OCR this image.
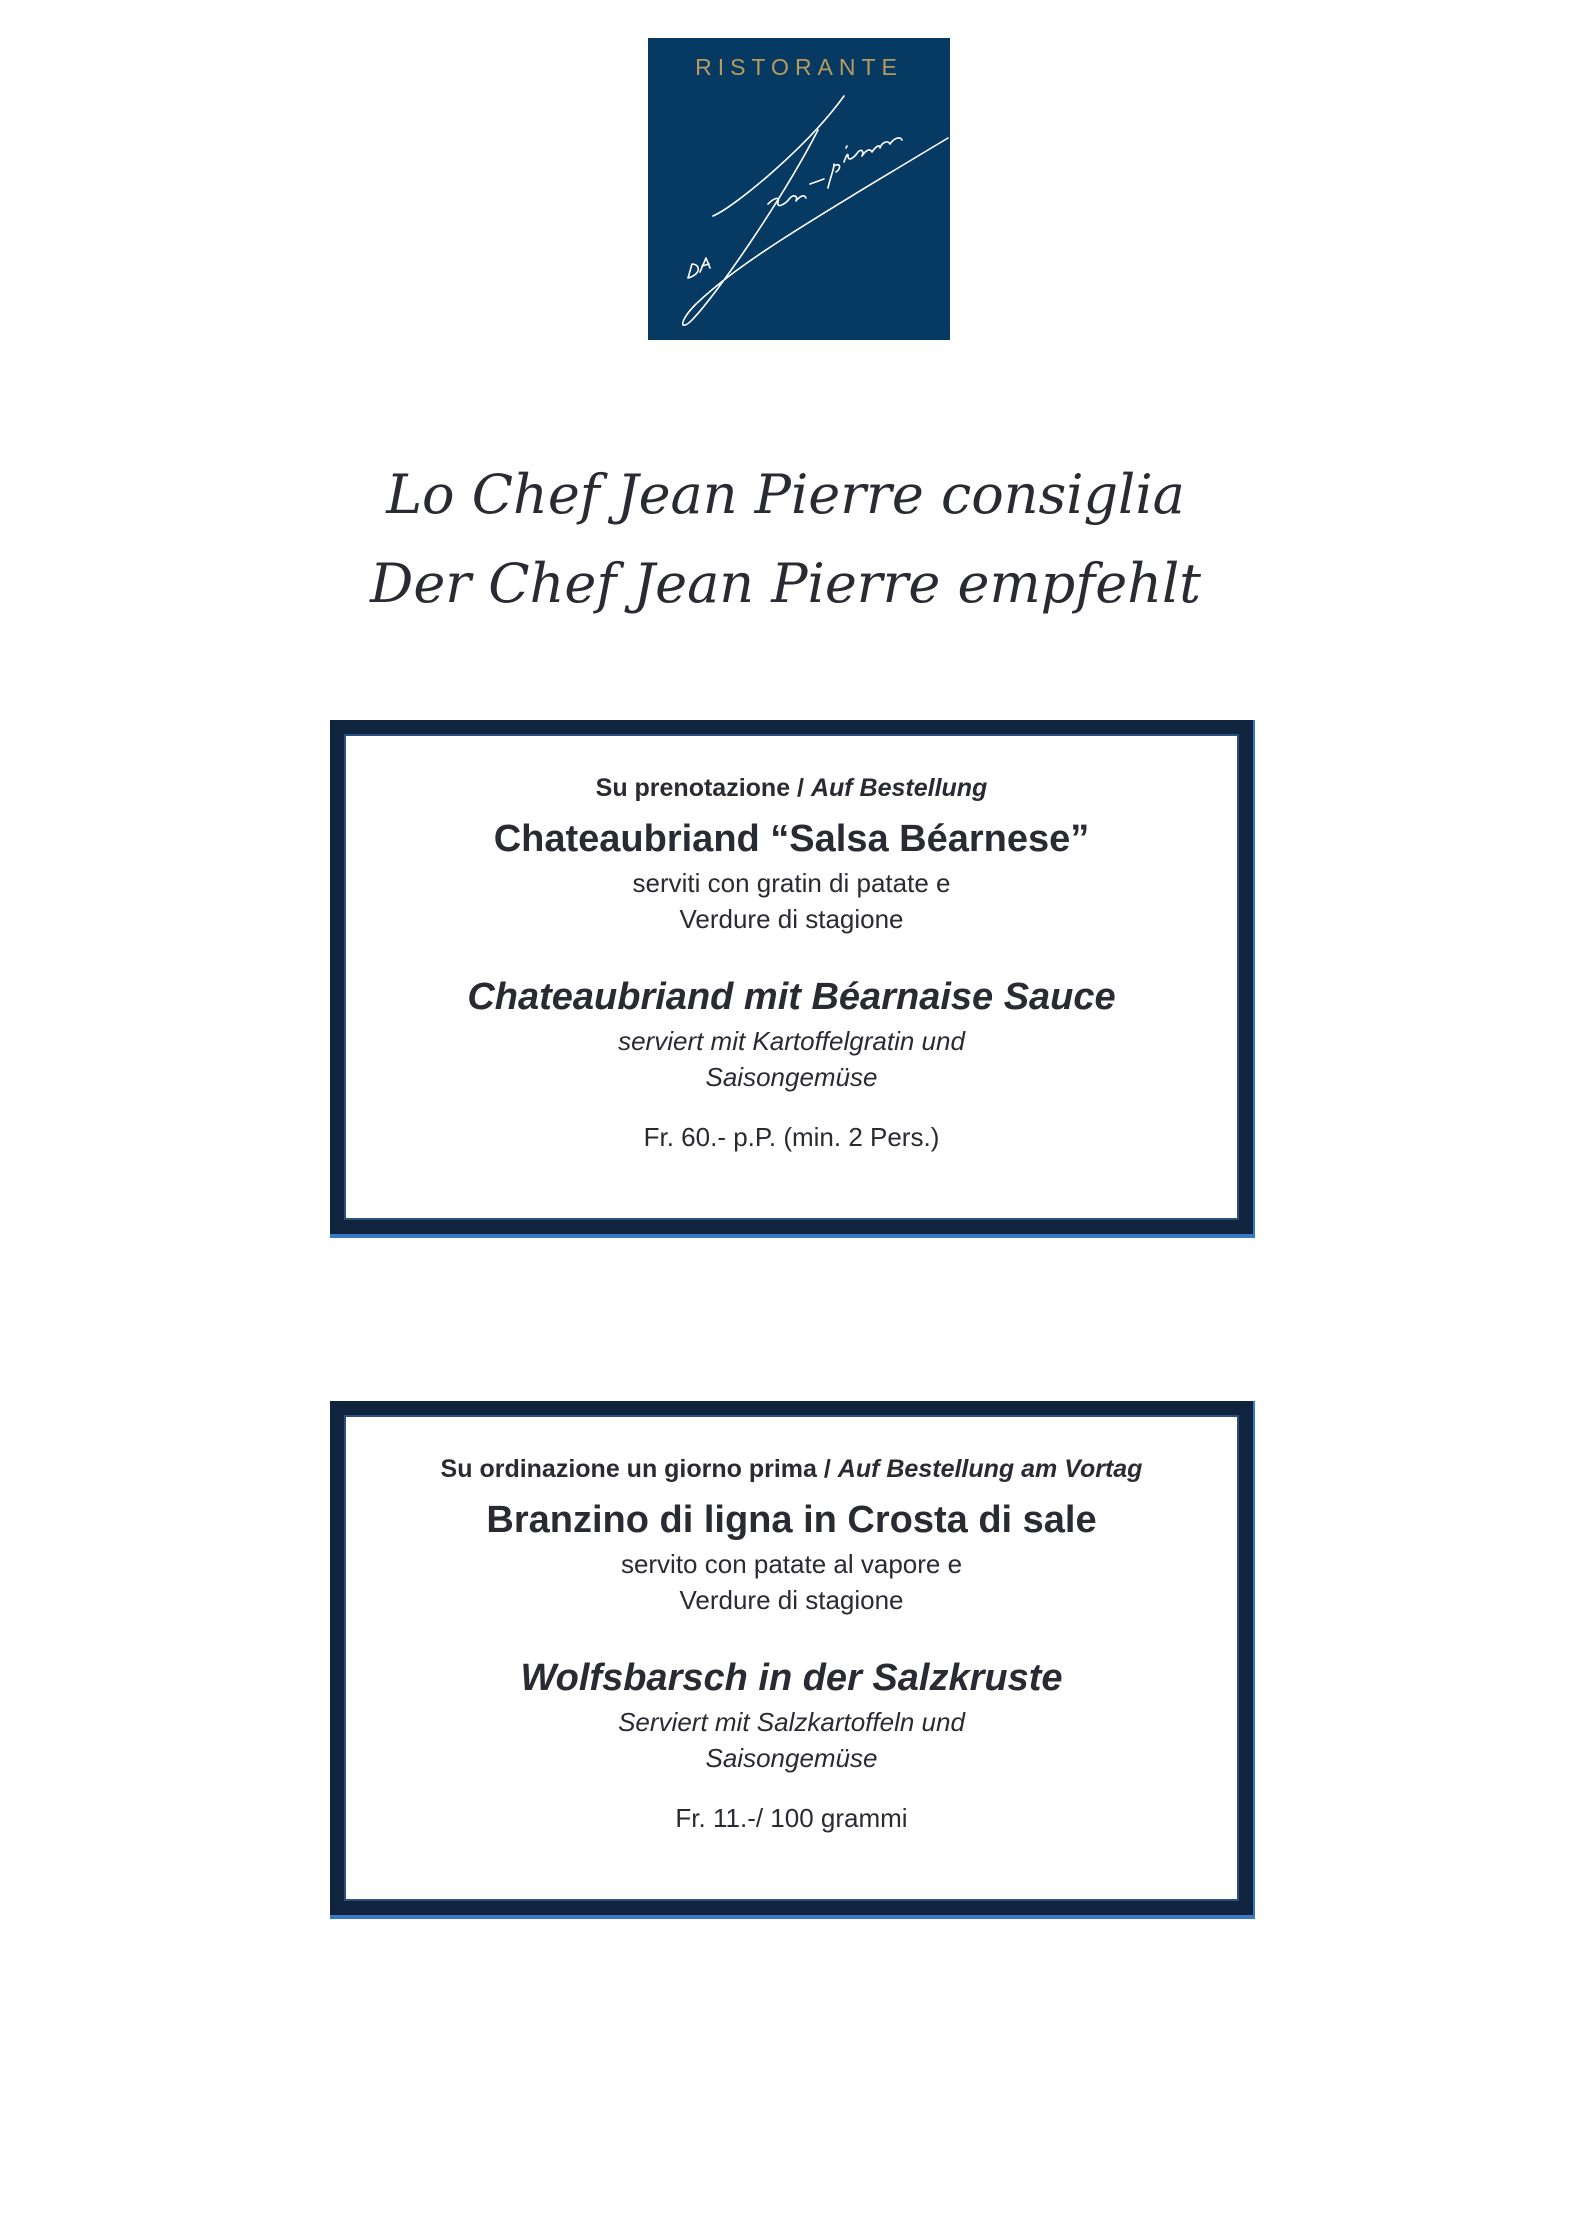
RISTORANTE
Lo Chef Jean Pierre consiglia
Der Chef Jean Pierre empfehlt
Su prenotazione / Auf Bestellung
Chateaubriand “Salsa Béarnese”
serviti con gratin di patate e
Verdure di stagione
Chateaubriand mit Béarnaise Sauce
serviert mit Kartoffelgratin und
Saisongemüse
Fr. 60.- p.P. (min. 2 Pers.)
Su ordinazione un giorno prima / Auf Bestellung am Vortag
Branzino di ligna in Crosta di sale
servito con patate al vapore e
Verdure di stagione
Wolfsbarsch in der Salzkruste
Serviert mit Salzkartoffeln und
Saisongemüse
Fr. 11.-/ 100 grammi
